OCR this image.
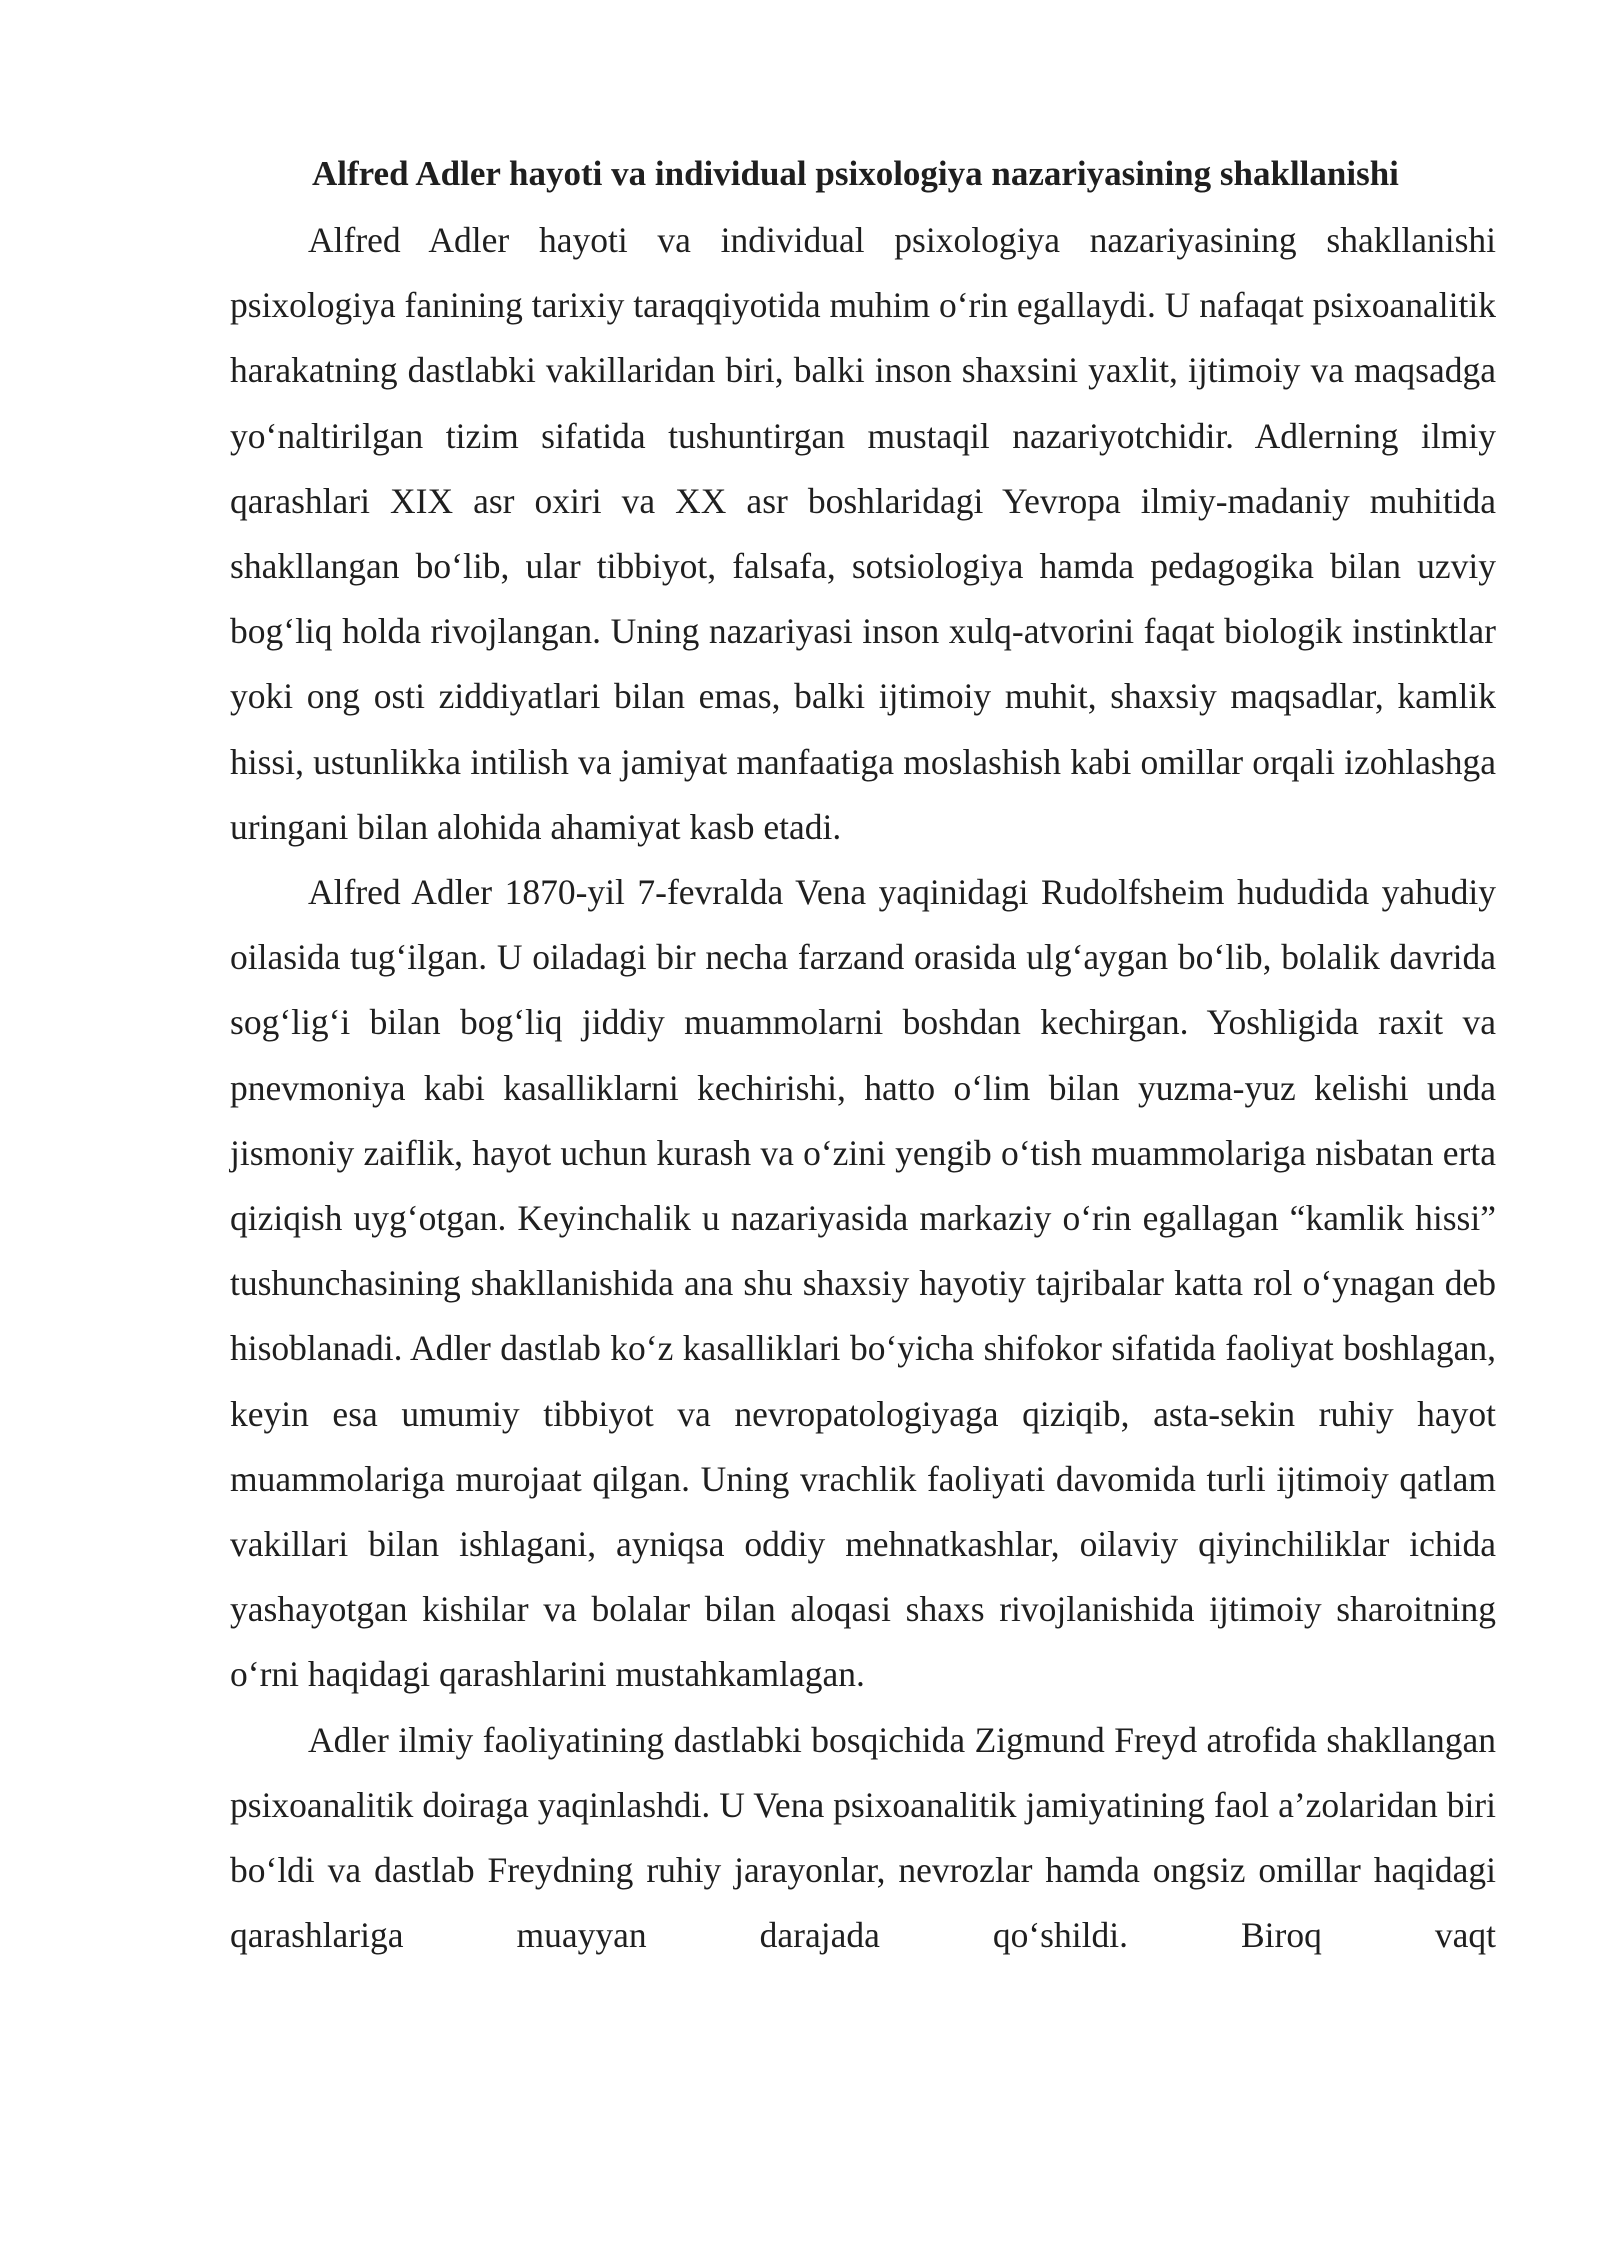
Alfred Adler hayoti va individual psixologiya nazariyasining shakllanishi

Alfred Adler hayoti va individual psixologiya nazariyasining shakllanishi psixologiya fanining tarixiy taraqqiyotida muhim o‘rin egallaydi. U nafaqat psixoanalitik harakatning dastlabki vakillaridan biri, balki inson shaxsini yaxlit, ijtimoiy va maqsadga yo‘naltirilgan tizim sifatida tushuntirgan mustaqil nazariyotchidir. Adlerning ilmiy qarashlari XIX asr oxiri va XX asr boshlaridagi Yevropa ilmiy-madaniy muhitida shakllangan bo‘lib, ular tibbiyot, falsafa, sotsiologiya hamda pedagogika bilan uzviy bog‘liq holda rivojlangan. Uning nazariyasi inson xulq-atvorini faqat biologik instinktlar yoki ong osti ziddiyatlari bilan emas, balki ijtimoiy muhit, shaxsiy maqsadlar, kamlik hissi, ustunlikka intilish va jamiyat manfaatiga moslashish kabi omillar orqali izohlashga uringani bilan alohida ahamiyat kasb etadi.

Alfred Adler 1870-yil 7-fevralda Vena yaqinidagi Rudolfsheim hududida yahudiy oilasida tug‘ilgan. U oiladagi bir necha farzand orasida ulg‘aygan bo‘lib, bolalik davrida sog‘lig‘i bilan bog‘liq jiddiy muammolarni boshdan kechirgan. Yoshligida raxit va pnevmoniya kabi kasalliklarni kechirishi, hatto o‘lim bilan yuzma-yuz kelishi unda jismoniy zaiflik, hayot uchun kurash va o‘zini yengib o‘tish muammolariga nisbatan erta qiziqish uyg‘otgan. Keyinchalik u nazariyasida markaziy o‘rin egallagan “kamlik hissi” tushunchasining shakllanishida ana shu shaxsiy hayotiy tajribalar katta rol o‘ynagan deb hisoblanadi. Adler dastlab ko‘z kasalliklari bo‘yicha shifokor sifatida faoliyat boshlagan, keyin esa umumiy tibbiyot va nevropatologiyaga qiziqib, asta-sekin ruhiy hayot muammolariga murojaat qilgan. Uning vrachlik faoliyati davomida turli ijtimoiy qatlam vakillari bilan ishlagani, ayniqsa oddiy mehnatkashlar, oilaviy qiyinchiliklar ichida yashayotgan kishilar va bolalar bilan aloqasi shaxs rivojlanishida ijtimoiy sharoitning o‘rni haqidagi qarashlarini mustahkamlagan.

Adler ilmiy faoliyatining dastlabki bosqichida Zigmund Freyd atrofida shakllangan psixoanalitik doiraga yaqinlashdi. U Vena psixoanalitik jamiyatining faol a’zolaridan biri bo‘ldi va dastlab Freydning ruhiy jarayonlar, nevrozlar hamda ongsiz omillar haqidagi qarashlariga muayyan darajada qo‘shildi. Biroq vaqt
